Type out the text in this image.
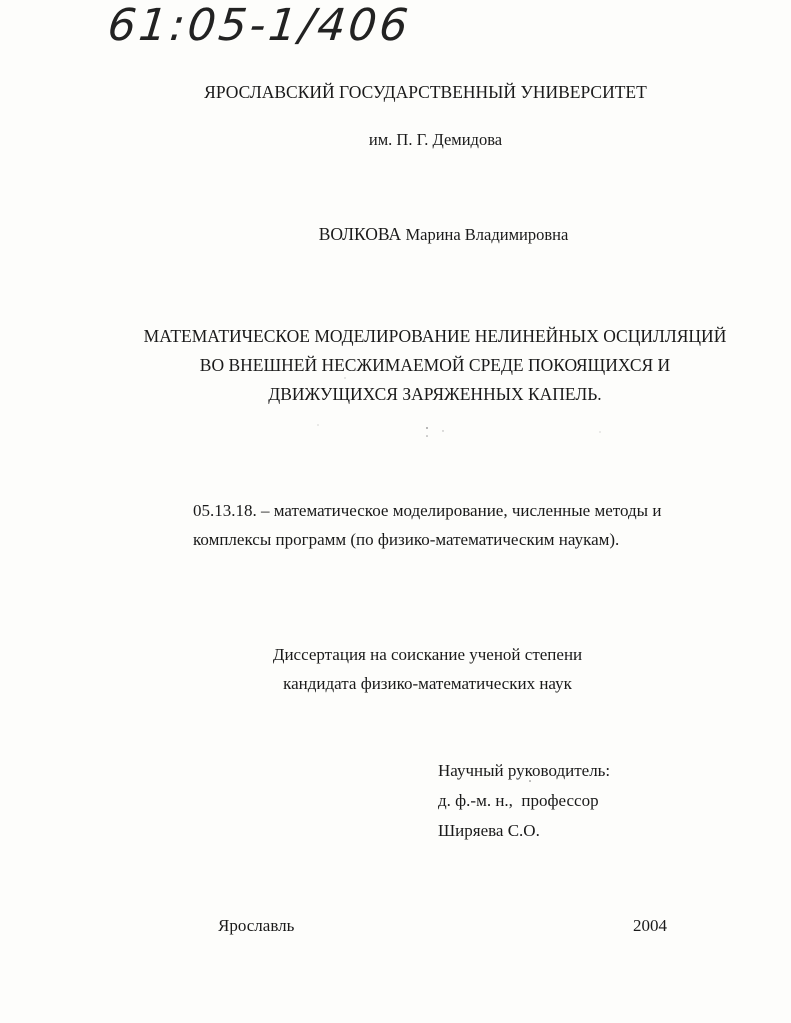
61:05-1/406
ЯРОСЛАВСКИЙ ГОСУДАРСТВЕННЫЙ УНИВЕРСИТЕТ
им. П. Г. Демидова
ВОЛКОВА Марина Владимировна
МАТЕМАТИЧЕСКОЕ МОДЕЛИРОВАНИЕ НЕЛИНЕЙНЫХ ОСЦИЛЛЯЦИЙ
ВО ВНЕШНЕЙ НЕСЖИМАЕМОЙ СРЕДЕ ПОКОЯЩИХСЯ И
ДВИЖУЩИХСЯ ЗАРЯЖЕННЫХ КАПЕЛЬ.
05.13.18. – математическое моделирование, численные методы и
комплексы программ (по физико-математическим наукам).
Диссертация на соискание ученой степени
кандидата физико-математических наук
Научный руководитель:
д. ф.-м. н.,  профессор
Ширяева С.О.
Ярославль	2004
